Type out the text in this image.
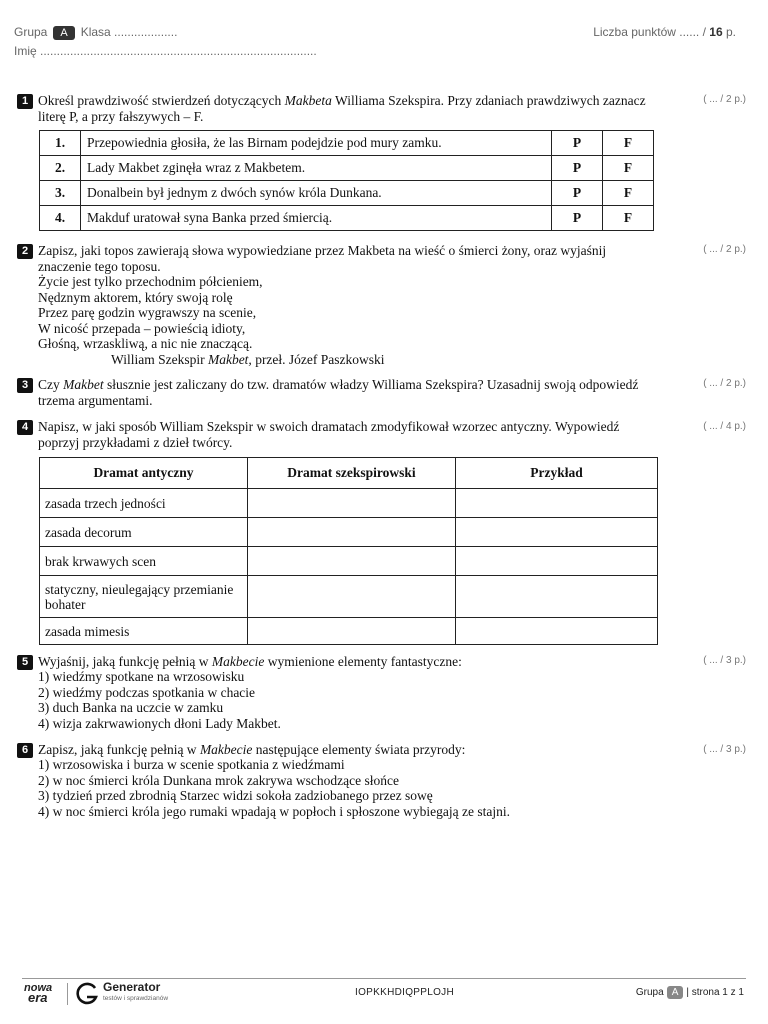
Grupa A Klasa ...................
Imię ...................................................................................
Liczba punktów ...... / 16 p.
1 Określ prawdziwość stwierdzeń dotyczących Makbeta Williama Szekspira. Przy zdaniach prawdziwych zaznacz literę P, a przy fałszywych – F.
( ... / 2 p.)
1.	Przepowiednia głosiła, że las Birnam podejdzie pod mury zamku.	P	F
2.	Lady Makbet zginęła wraz z Makbetem.	P	F
3.	Donalbein był jednym z dwóch synów króla Dunkana.	P	F
4.	Makduf uratował syna Banka przed śmiercią.	P	F
2 Zapisz, jaki topos zawierają słowa wypowiedziane przez Makbeta na wieść o śmierci żony, oraz wyjaśnij znaczenie tego toposu.
( ... / 2 p.)
Życie jest tylko przechodnim półcieniem,
Nędznym aktorem, który swoją rolę
Przez parę godzin wygrawszy na scenie,
W nicość przepada – powieścią idioty,
Głośną, wrzaskliwą, a nic nie znaczącą.
William Szekspir Makbet, przeł. Józef Paszkowski
3 Czy Makbet słusznie jest zaliczany do tzw. dramatów władzy Williama Szekspira? Uzasadnij swoją odpowiedź trzema argumentami.
( ... / 2 p.)
4 Napisz, w jaki sposób William Szekspir w swoich dramatach zmodyfikował wzorzec antyczny. Wypowiedź poprzyj przykładami z dzieł twórcy.
( ... / 4 p.)
Dramat antyczny	Dramat szekspirowski	Przykład
zasada trzech jedności		
zasada decorum		
brak krwawych scen		
statyczny, nieulegający przemianie bohater		
zasada mimesis		
5 Wyjaśnij, jaką funkcję pełnią w Makbecie wymienione elementy fantastyczne:
1) wiedźmy spotkane na wrzosowisku
2) wiedźmy podczas spotkania w chacie
3) duch Banka na uczcie w zamku
4) wizja zakrwawionych dłoni Lady Makbet.
( ... / 3 p.)
6 Zapisz, jaką funkcję pełnią w Makbecie następujące elementy świata przyrody:
1) wrzosowiska i burza w scenie spotkania z wiedźmami
2) w noc śmierci króla Dunkana mrok zakrywa wschodzące słońce
3) tydzień przed zbrodnią Starzec widzi sokoła zadziobanego przez sowę
4) w noc śmierci króla jego rumaki wpadają w popłoch i spłoszone wybiegają ze stajni.
( ... / 3 p.)
nowa
era
Generator
testów i sprawdzianów
IOPKKHDIQPPLOJH	Grupa A | strona 1 z 1
